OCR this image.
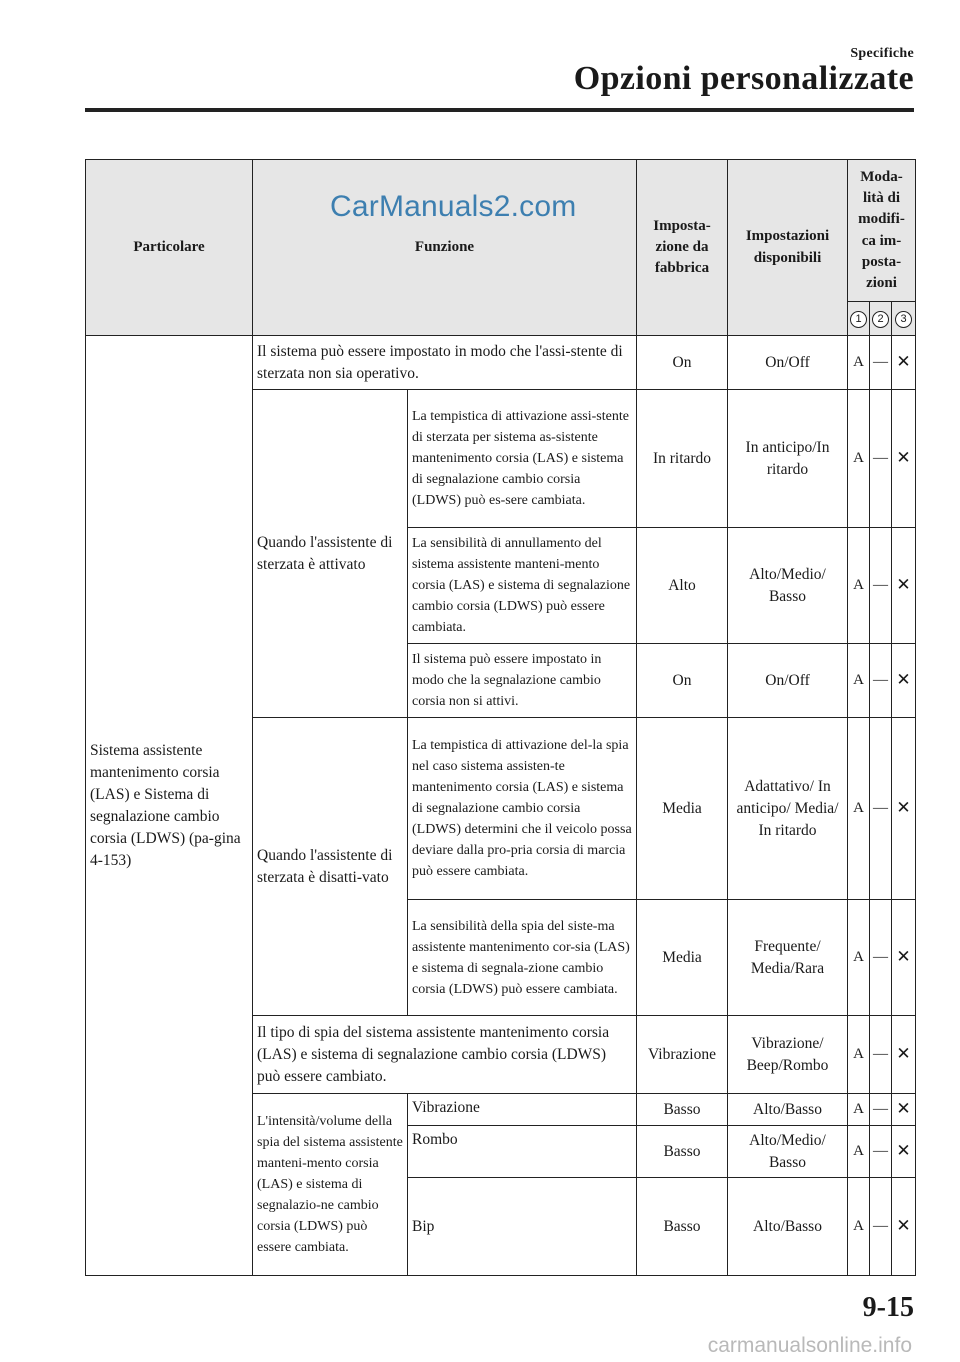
Specifiche
Opzioni personalizzate
Particolare	Funzione		Imposta-zione da fabbrica	Impostazioni disponibili	Moda-lità di modifi-ca im-posta-zioni		
					1	2	3
Sistema assistente mantenimento corsia (LAS) e Sistema di segnalazione cambio corsia (LDWS) (pa-gina 4-153)	Il sistema può essere impostato in modo che l'assi-stente di sterzata non sia operativo.		On	On/Off	A	—	✕
	Quando l'assistente di sterzata è attivato	La tempistica di attivazione assi-stente di sterzata per sistema as-sistente mantenimento corsia (LAS) e sistema di segnalazione cambio corsia (LDWS) può es-sere cambiata.	In ritardo	In anticipo/In ritardo	A	—	✕
		La sensibilità di annullamento del sistema assistente manteni-mento corsia (LAS) e sistema di segnalazione cambio corsia (LDWS) può essere cambiata.	Alto	Alto/Medio/ Basso	A	—	✕
		Il sistema può essere impostato in modo che la segnalazione cambio corsia non si attivi.	On	On/Off	A	—	✕
	Quando l'assistente di sterzata è disatti-vato	La tempistica di attivazione del-la spia nel caso sistema assisten-te mantenimento corsia (LAS) e sistema di segnalazione cambio corsia (LDWS) determini che il veicolo possa deviare dalla pro-pria corsia di marcia può essere cambiata.	Media	Adattativo/ In anticipo/ Media/ In ritardo	A	—	✕
		La sensibilità della spia del siste-ma assistente mantenimento cor-sia (LAS) e sistema di segnala-zione cambio corsia (LDWS) può essere cambiata.	Media	Frequente/ Media/Rara	A	—	✕
	Il tipo di spia del sistema assistente mantenimento corsia (LAS) e sistema di segnalazione cambio corsia (LDWS) può essere cambiato.		Vibrazione	Vibrazione/ Beep/Rombo	A	—	✕
	L'intensità/volume della spia del sistema assistente manteni-mento corsia (LAS) e sistema di segnalazio-ne cambio corsia (LDWS) può essere cambiata.	Vibrazione	Basso	Alto/Basso	A	—	✕
		Rombo	Basso	Alto/Medio/ Basso	A	—	✕
		Bip	Basso	Alto/Basso	A	—	✕
CarManuals2.com
9-15
carmanualsonline.info
